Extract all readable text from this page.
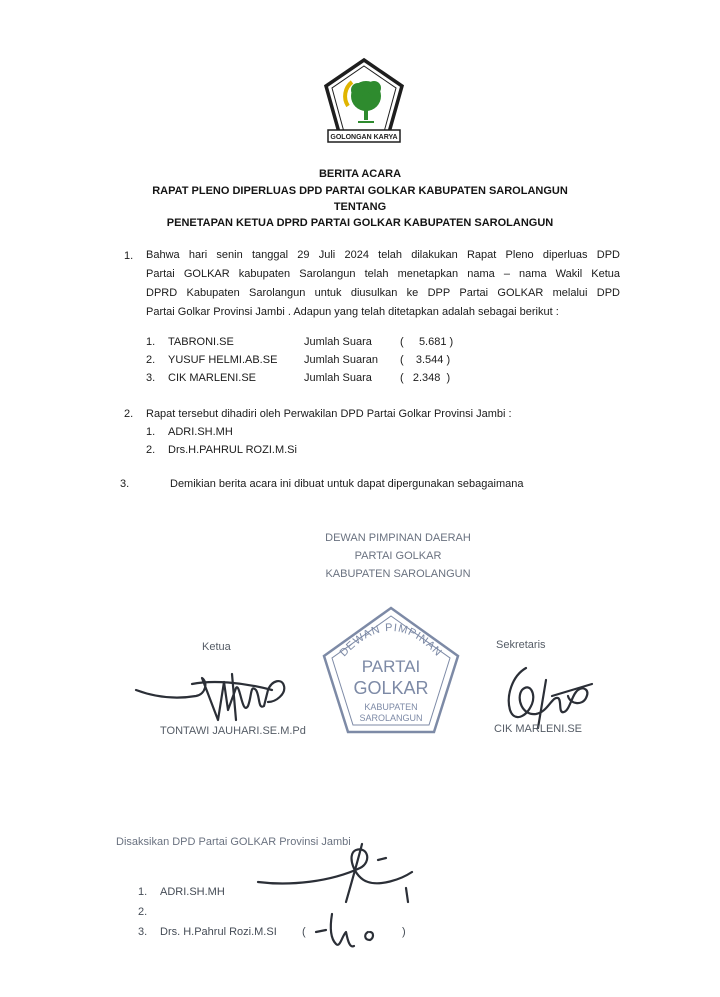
GOLONGAN KARYA
BERITA ACARA
RAPAT PLENO DIPERLUAS DPD PARTAI GOLKAR KABUPATEN SAROLANGUN
TENTANG
PENETAPAN KETUA DPRD PARTAI GOLKAR KABUPATEN SAROLANGUN
1. Bahwa hari senin tanggal 29 Juli 2024 telah dilakukan Rapat Pleno diperluas DPD
Partai GOLKAR kabupaten Sarolangun telah menetapkan nama – nama Wakil Ketua
DPRD Kabupaten Sarolangun untuk diusulkan ke DPP Partai GOLKAR melalui DPD
Partai Golkar Provinsi Jambi . Adapun yang telah ditetapkan adalah sebagai berikut :
1. TABRONI.SE	Jumlah Suara	(     5.681 )
2. YUSUF HELMI.AB.SE Jumlah Suaran (    3.544 )
3. CIK MARLENI.SE	Jumlah Suara	(   2.348  )
2. Rapat tersebut dihadiri oleh Perwakilan DPD Partai Golkar Provinsi Jambi :
1. ADRI.SH.MH
2. Drs.H.PAHRUL ROZI.M.Si
3.	Demikian berita acara ini dibuat untuk dapat dipergunakan sebagaimana
DEWAN PIMPINAN DAERAH
PARTAI GOLKAR
KABUPATEN SAROLANGUN
Ketua	Sekretaris
DEWAN PIMPINAN
PARTAI
GOLKAR
KABUPATEN
SAROLANGUN
TONTAWI JAUHARI.SE.M.Pd	CIK MARLENI.SE
Disaksikan DPD Partai GOLKAR Provinsi Jambi
1. ADRI.SH.MH
2.
3. Drs. H.Pahrul Rozi.M.SI (	)
